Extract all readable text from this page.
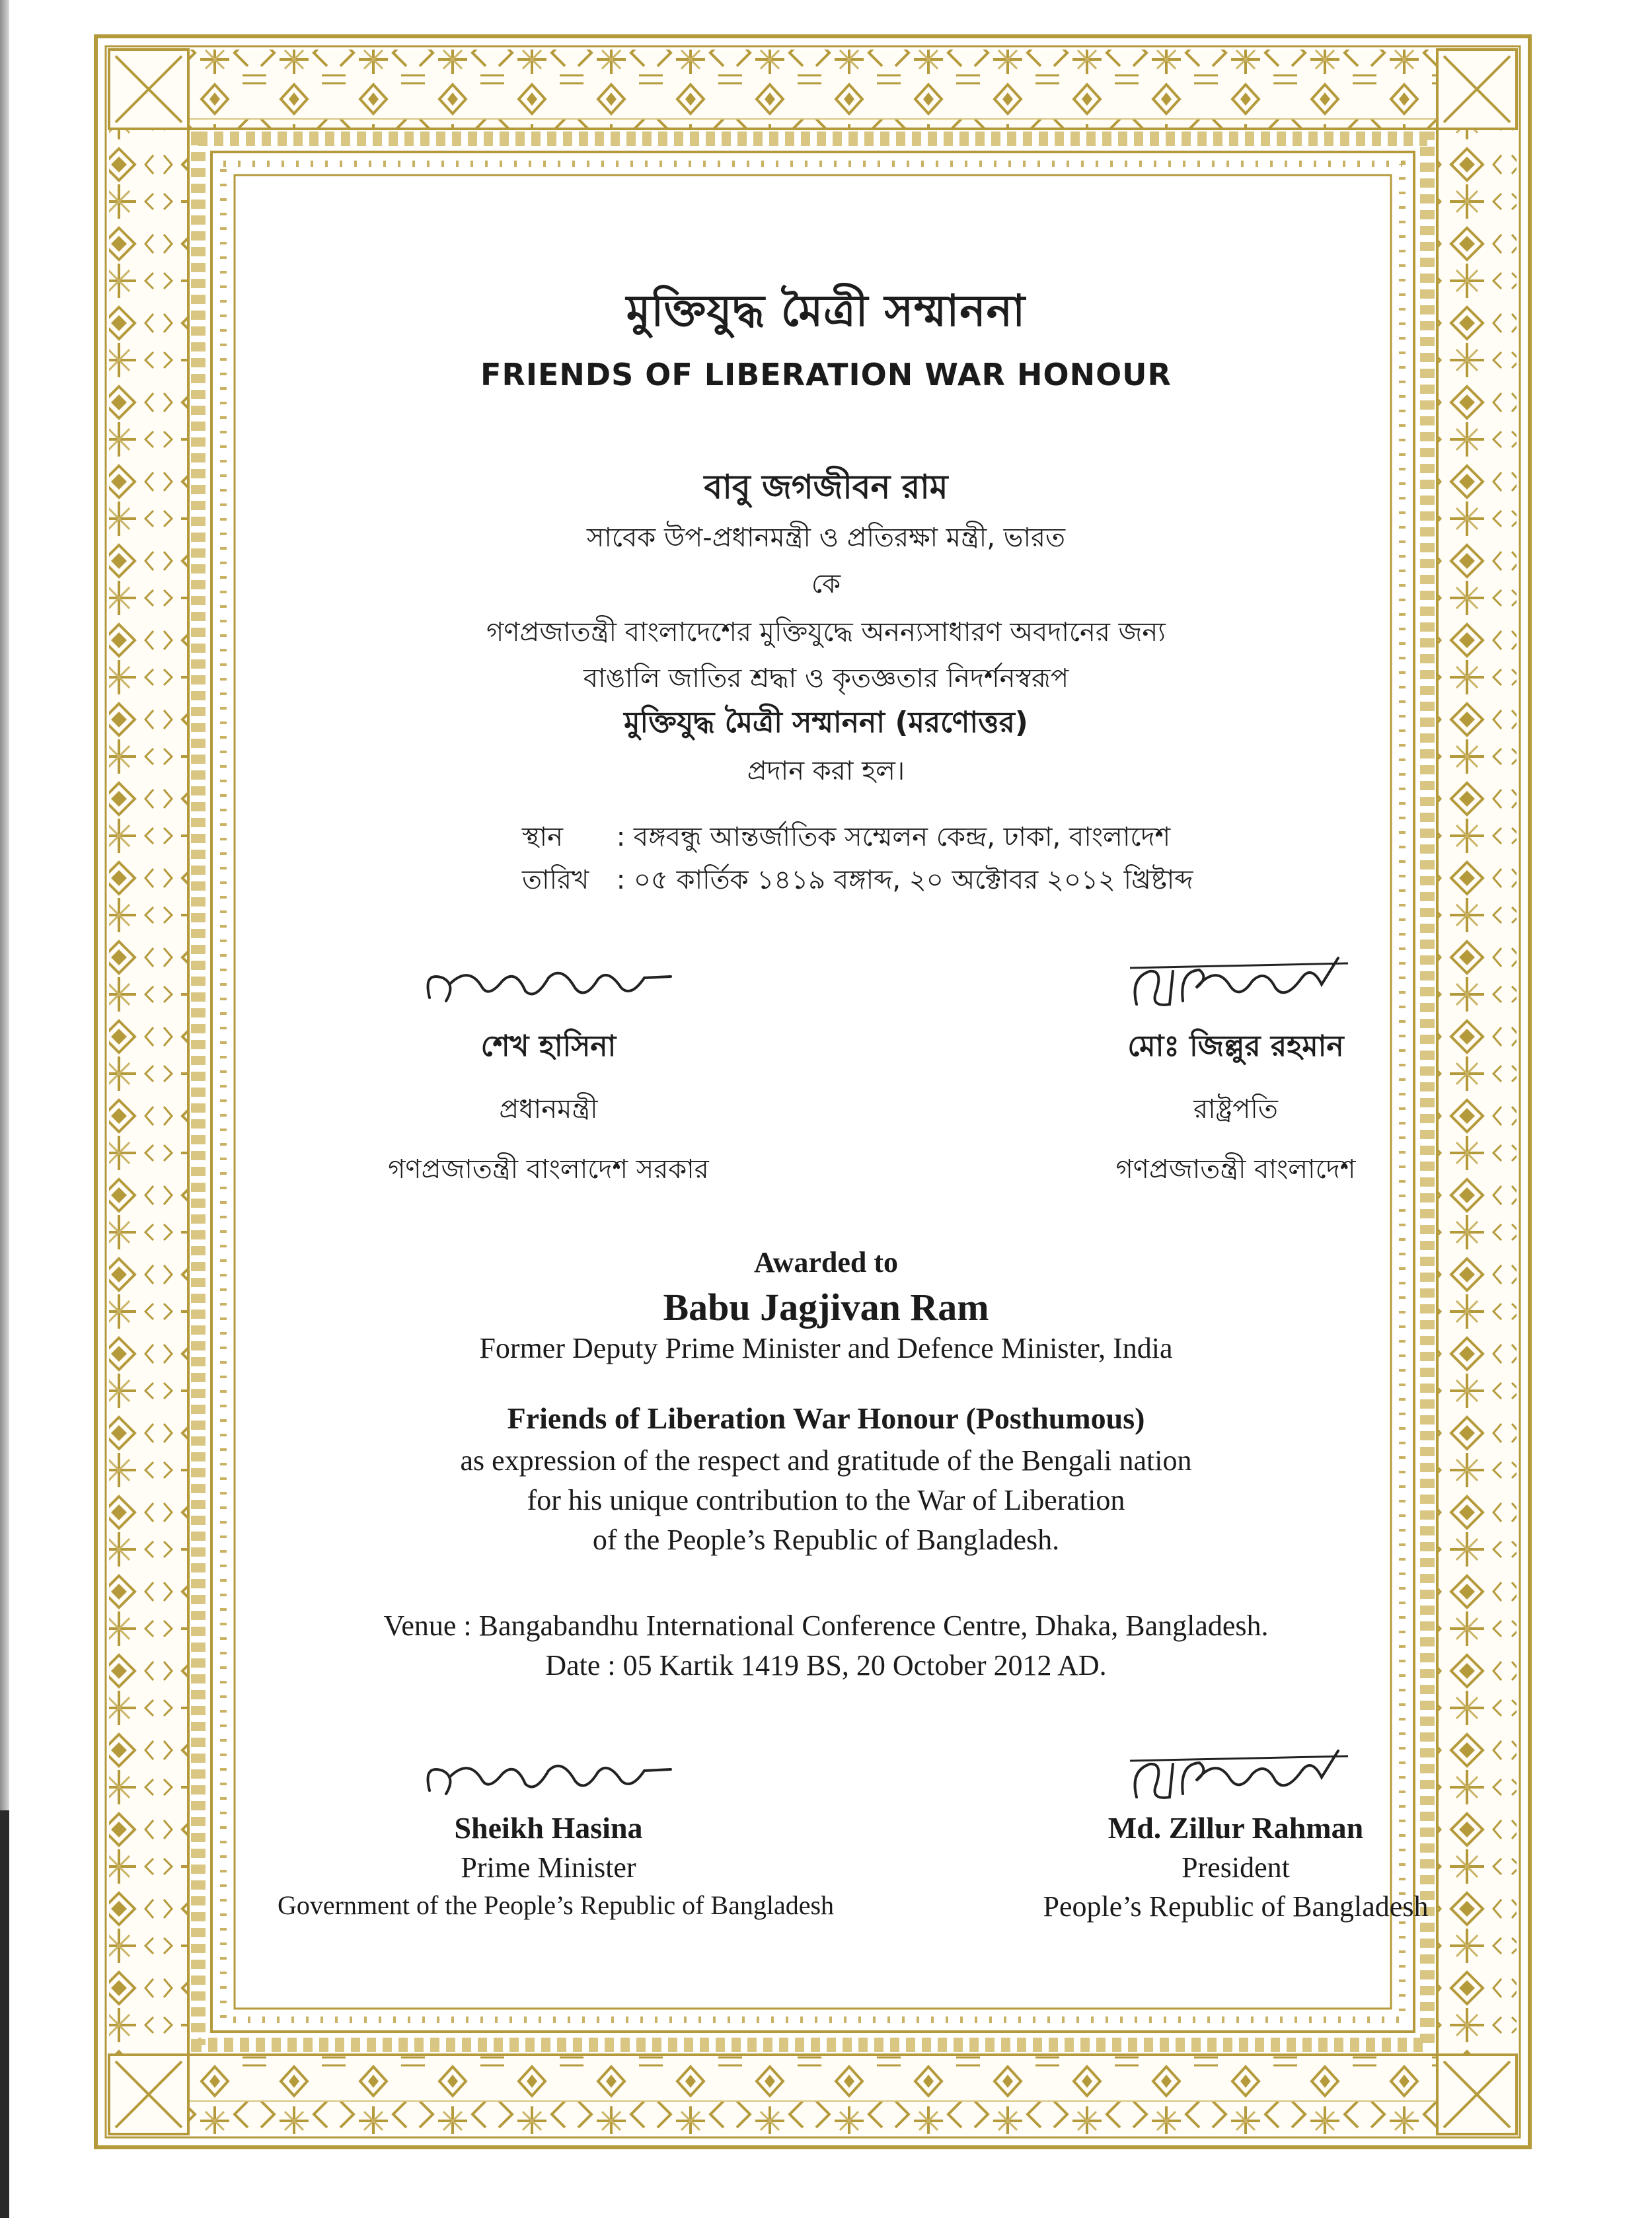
মুক্তিযুদ্ধ মৈত্রী সম্মাননা
FRIENDS OF LIBERATION WAR HONOUR
বাবু জগজীবন রাম
সাবেক উপ-প্রধানমন্ত্রী ও প্রতিরক্ষা মন্ত্রী, ভারত
কে
গণপ্রজাতন্ত্রী বাংলাদেশের মুক্তিযুদ্ধে অনন্যসাধারণ অবদানের জন্য
বাঙালি জাতির শ্রদ্ধা ও কৃতজ্ঞতার নিদর্শনস্বরূপ
মুক্তিযুদ্ধ মৈত্রী সম্মাননা (মরণোত্তর)
প্রদান করা হল।
স্থান : বঙ্গবন্ধু আন্তর্জাতিক সম্মেলন কেন্দ্র, ঢাকা, বাংলাদেশ
তারিখ : ০৫ কার্তিক ১৪১৯ বঙ্গাব্দ, ২০ অক্টোবর ২০১২ খ্রিষ্টাব্দ
শেখ হাসিনা
প্রধানমন্ত্রী
গণপ্রজাতন্ত্রী বাংলাদেশ সরকার
মোঃ জিল্লুর রহমান
রাষ্ট্রপতি
গণপ্রজাতন্ত্রী বাংলাদেশ
Awarded to
Babu Jagjivan Ram
Former Deputy Prime Minister and Defence Minister, India
Friends of Liberation War Honour (Posthumous)
as expression of the respect and gratitude of the Bengali nation
for his unique contribution to the War of Liberation
of the People’s Republic of Bangladesh.
Venue : Bangabandhu International Conference Centre, Dhaka, Bangladesh.
Date : 05 Kartik 1419 BS, 20 October 2012 AD.
Sheikh Hasina
Prime Minister
Government of the People’s Republic of Bangladesh
Md. Zillur Rahman
President
People’s Republic of Bangladesh
